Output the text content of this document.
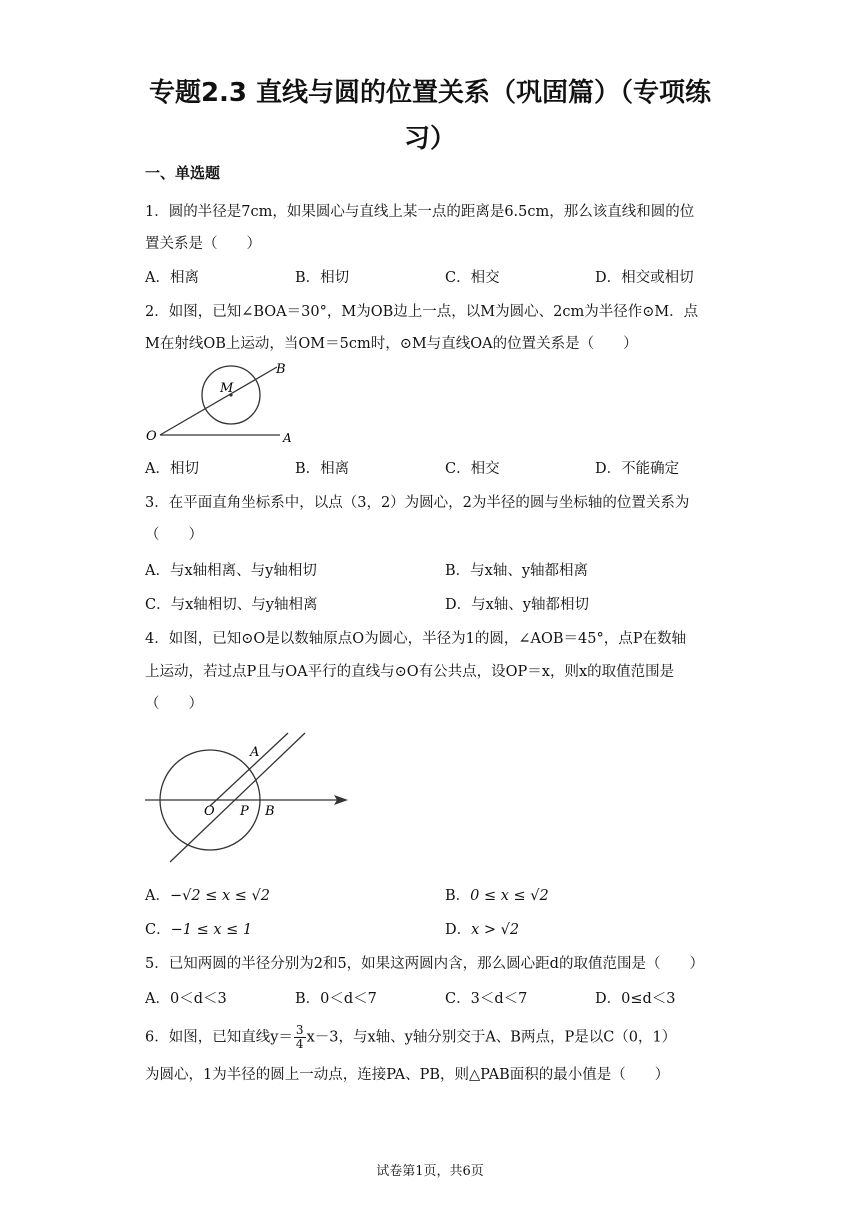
专题2.3 直线与圆的位置关系（巩固篇）（专项练
习）
一、单选题
1．圆的半径是7cm，如果圆心与直线上某一点的距离是6.5cm，那么该直线和圆的位
置关系是（　　）
A．相离	B．相切	C．相交	D．相交或相切
2．如图，已知∠BOA＝30°，M为OB边上一点，以M为圆心、2cm为半径作⊙M．点
M在射线OB上运动，当OM＝5cm时，⊙M与直线OA的位置关系是（　　）
M
B
O	A
A．相切	B．相离	C．相交	D．不能确定
3．在平面直角坐标系中，以点（3，2）为圆心，2为半径的圆与坐标轴的位置关系为
（　　）
A．与x轴相离、与y轴相切	B．与x轴、y轴都相离
C．与x轴相切、与y轴相离	D．与x轴、y轴都相切
4．如图，已知⊙O是以数轴原点O为圆心，半径为1的圆，∠AOB＝45°，点P在数轴
上运动，若过点P且与OA平行的直线与⊙O有公共点，设OP＝x，则x的取值范围是
（　　）
A
O P B
A．−√2 ≤ x ≤ √2	B．0 ≤ x ≤ √2
C．−1 ≤ x ≤ 1	D．x > √2
5．已知两圆的半径分别为2和5，如果这两圆内含，那么圆心距d的取值范围是（　　）
A．0＜d＜3	B．0＜d＜7	C．3＜d＜7	D．0≤d＜3
6．如图，已知直线$y= \frac{3}{4} x-3$，与x轴、y轴分别交于A、B两点，P是以C（0，1）
为圆心，1为半径的圆上一动点，连接PA、PB，则△PAB面积的最小值是（　　）
试卷第1页，共6页
